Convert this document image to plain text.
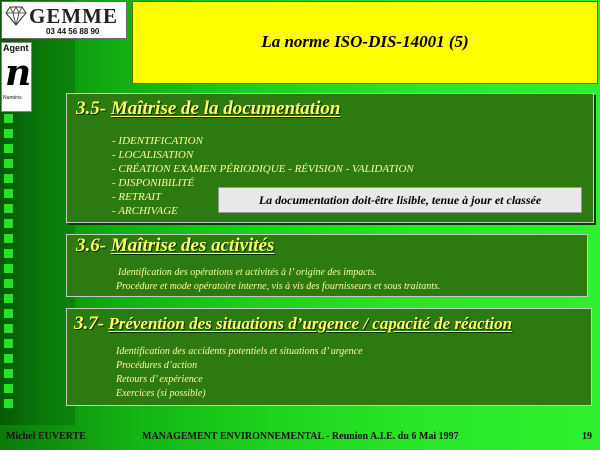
GEMME
03 44 56 88 90
Agent
n
Numéris
La norme ISO-DIS-14001 (5)
3.5- Maîtrise de la documentation
- IDENTIFICATION
- LOCALISATION
- CRÉATION EXAMEN PÉRIODIQUE - RÉVISION - VALIDATION
- DISPONIBILITÉ
- RETRAIT
- ARCHIVAGE
La documentation doit-être lisible, tenue à jour et classée
3.6- Maîtrise des activités
Identification des opérations et activités à l’ origine des impacts.
Procédure et mode opératoire interne, vis à vis des fournisseurs et sous traitants.
3.7- Prévention des situations d’urgence / capacité de réaction
Identification des accidents potentiels et situations d’ urgence
Procédures d’action
Retours d’ expérience
Exercices (si possible)
Michel EUVERTE	MANAGEMENT ENVIRONNEMENTAL - Reunion A.I.E. du 6 Mai 1997	19
